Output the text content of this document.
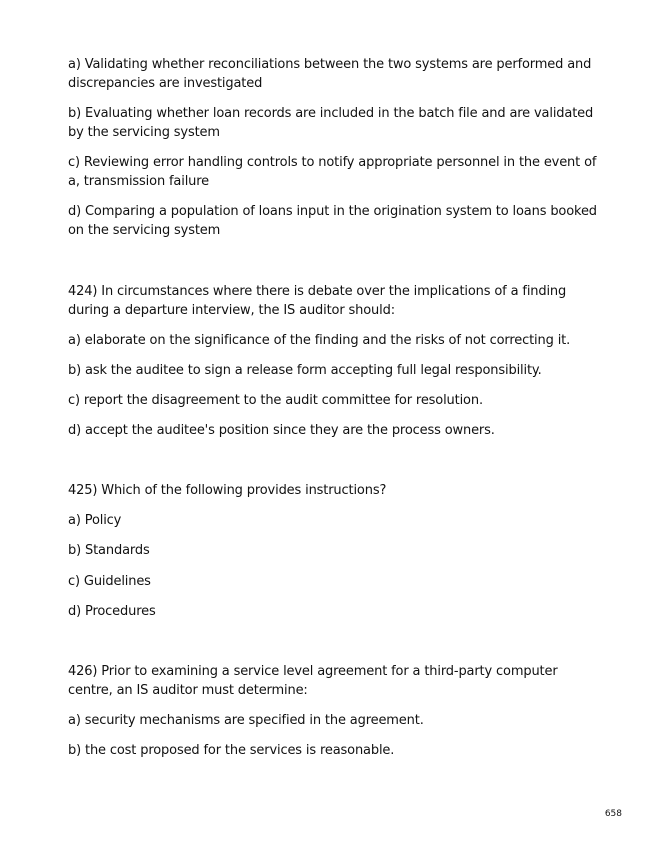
a) Validating whether reconciliations between the two systems are performed and discrepancies are investigated

b) Evaluating whether loan records are included in the batch file and are validated by the servicing system

c) Reviewing error handling controls to notify appropriate personnel in the event of a, transmission failure

d) Comparing a population of loans input in the origination system to loans booked on the servicing system

424) In circumstances where there is debate over the implications of a finding during a departure interview, the IS auditor should:

a) elaborate on the significance of the finding and the risks of not correcting it.

b) ask the auditee to sign a release form accepting full legal responsibility.

c) report the disagreement to the audit committee for resolution.

d) accept the auditee's position since they are the process owners.

425) Which of the following provides instructions?

a) Policy

b) Standards

c) Guidelines

d) Procedures

426) Prior to examining a service level agreement for a third-party computer centre, an IS auditor must determine:

a) security mechanisms are specified in the agreement.

b) the cost proposed for the services is reasonable.

658
